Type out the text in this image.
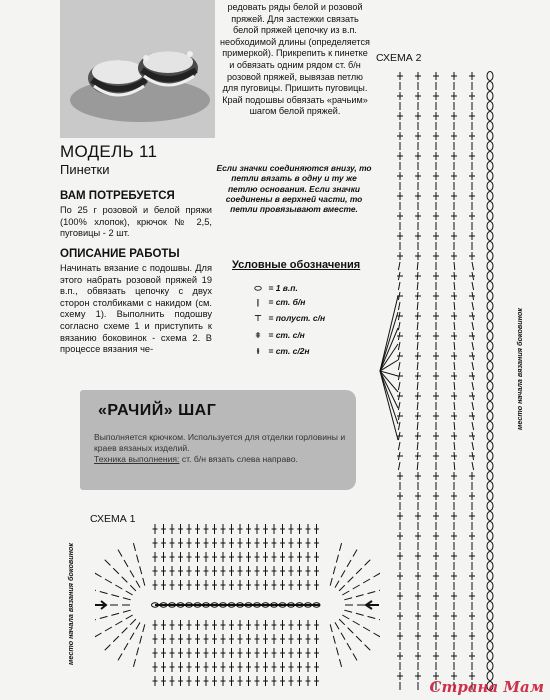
редовать ряды белой и розовой пряжей. Для застежки связать белой пряжей цепочку из в.п. необходимой длины (определяется примеркой). Прикрепить к пинетке и обвязать одним рядом ст. б/н розовой пряжей, вывязав петлю для пуговицы. Пришить пуговицы. Край подошвы обвязать «рачьим» шагом белой пряжей.
МОДЕЛЬ 11
Пинетки
ВАМ ПОТРЕБУЕТСЯ
По 25 г розовой и белой пряжи (100% хлопок), крючок № 2,5, пуговицы - 2 шт.
ОПИСАНИЕ РАБОТЫ
Начинать вязание с подошвы. Для этого набрать розовой пряжей 19 в.п., обвязать цепочку с двух сторон столбиками с накидом (см. схему 1). Выполнить подошву согласно схеме 1 и приступить к вязанию боковинок - схема 2. В процессе вязания че-
Если значки соединяются внизу, то петли вязать в одну и ту же петлю основания. Если значки соединены в верхней части, то петли провязывают вместе.
Условные обозначения
⬭ = 1 в.п.
| = ст. б/н
⊤ = полуст. с/н
ǂ = ст. с/н
ⱡ = ст. с/2н
«РАЧИЙ» ШАГ
Выполняется крючком. Используется для отделки горловины и краев вязаных изделий.
Техника выполнения: ст. б/н вязать слева направо.
СХЕМА 2
место начала вязания боковинок
СХЕМА 1
место начала вязания боковинок
Страна Мам
